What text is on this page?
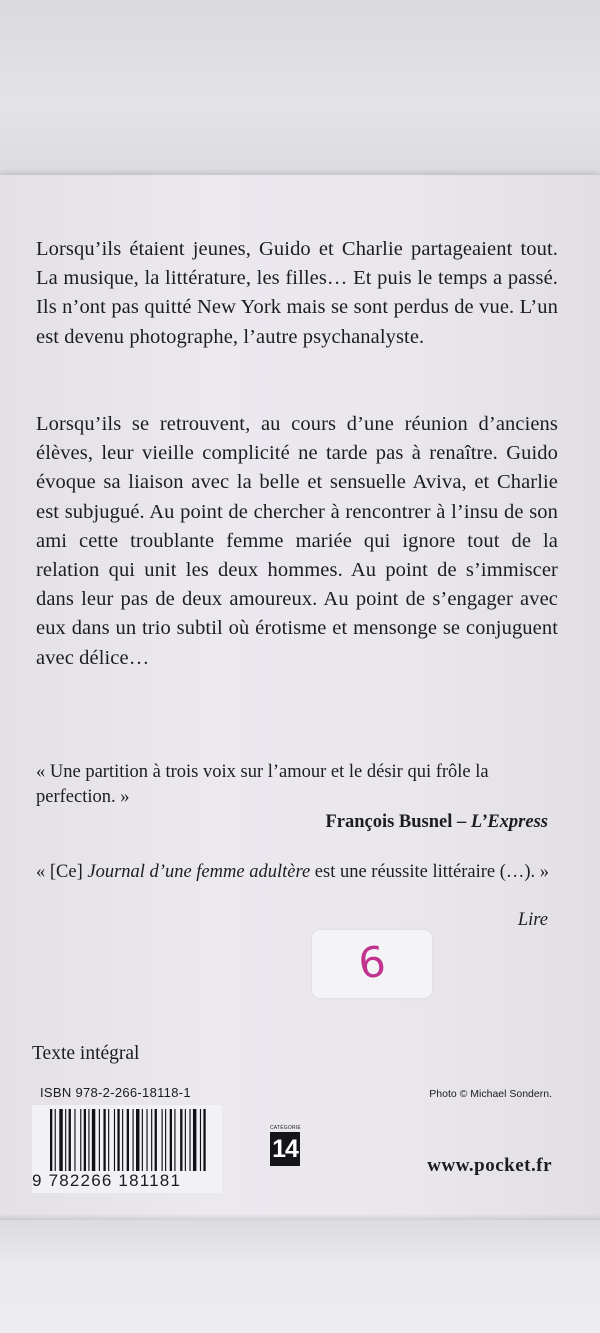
Lorsqu’ils étaient jeunes, Guido et Charlie partageaient tout. La musique, la littérature, les filles… Et puis le temps a passé. Ils n’ont pas quitté New York mais se sont perdus de vue. L’un est devenu photographe, l’autre psychanalyste.

Lorsqu’ils se retrouvent, au cours d’une réunion d’anciens élèves, leur vieille complicité ne tarde pas à renaître. Guido évoque sa liaison avec la belle et sensuelle Aviva, et Charlie est subjugué. Au point de chercher à rencontrer à l’insu de son ami cette troublante femme mariée qui ignore tout de la relation qui unit les deux hommes. Au point de s’immiscer dans leur pas de deux amoureux. Au point de s’engager avec eux dans un trio subtil où érotisme et mensonge se conjuguent avec délice…

« Une partition à trois voix sur l’amour et le désir qui frôle la perfection. »

François Busnel – L’Express

« [Ce] Journal d’une femme adultère est une réussite littéraire (…). »

Lire

6

Texte intégral

ISBN 978-2-266-18118-1	Photo © Michael Sondern.

9 782266 181181
CATÉGORIE
14

www.pocket.fr
